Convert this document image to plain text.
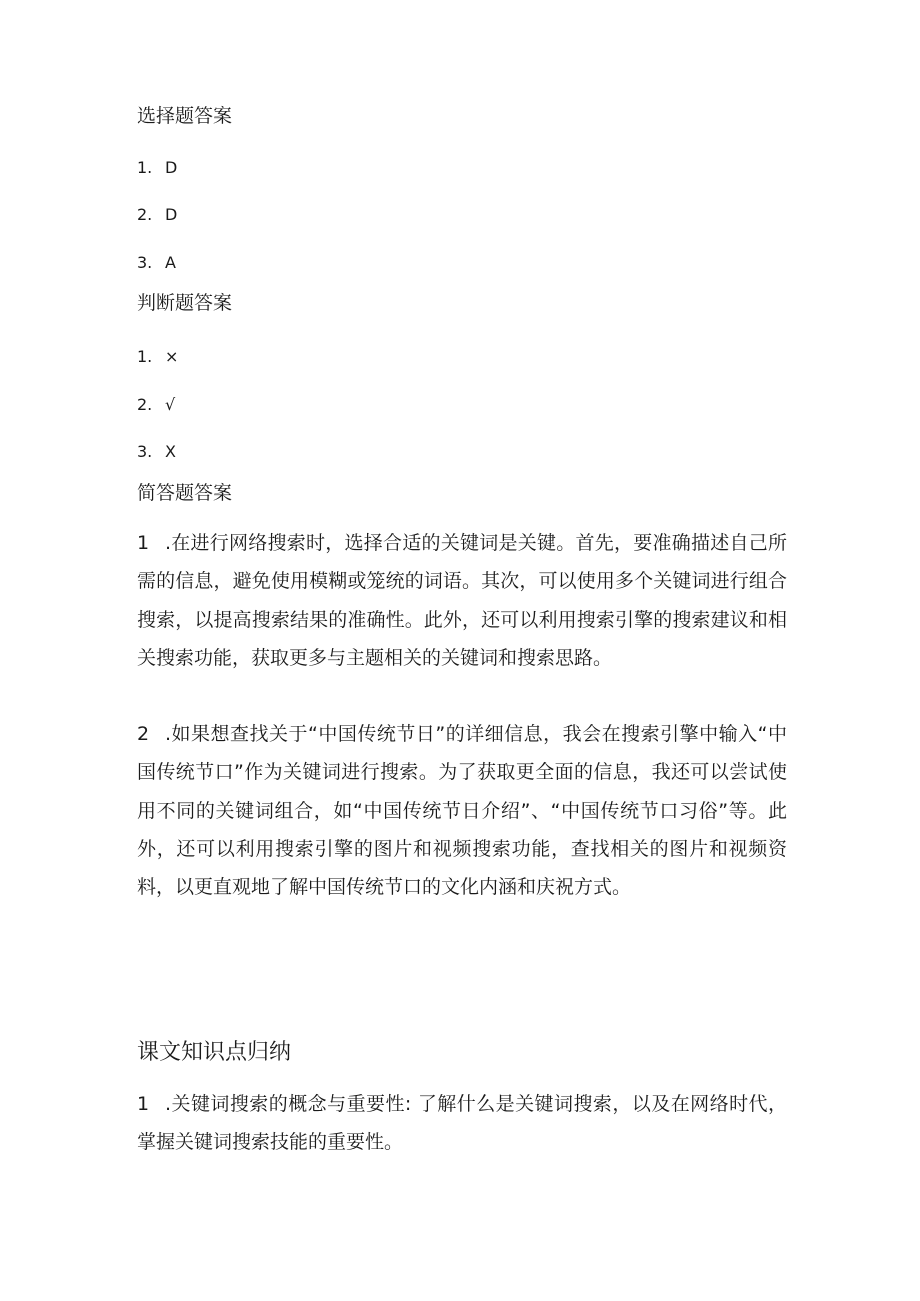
选择题答案
1. D
2. D
3. A
判断题答案
1. ×
2. √
3. X
简答题答案
1 .在进行网络搜索时，选择合适的关键词是关键。首先，要准确描述自己所需的信息，避免使用模糊或笼统的词语。其次，可以使用多个关键词进行组合搜索，以提高搜索结果的准确性。此外，还可以利用搜索引擎的搜索建议和相关搜索功能，获取更多与主题相关的关键词和搜索思路。
2 .如果想查找关于“中国传统节日”的详细信息，我会在搜索引擎中输入“中国传统节口”作为关键词进行搜索。为了获取更全面的信息，我还可以尝试使用不同的关键词组合，如“中国传统节日介绍”、“中国传统节口习俗”等。此外，还可以利用搜索引擎的图片和视频搜索功能，查找相关的图片和视频资料，以更直观地了解中国传统节口的文化内涵和庆祝方式。
课文知识点归纳
1 .关键词搜索的概念与重要性: 了解什么是关键词搜索，以及在网络时代，掌握关键词搜索技能的重要性。
